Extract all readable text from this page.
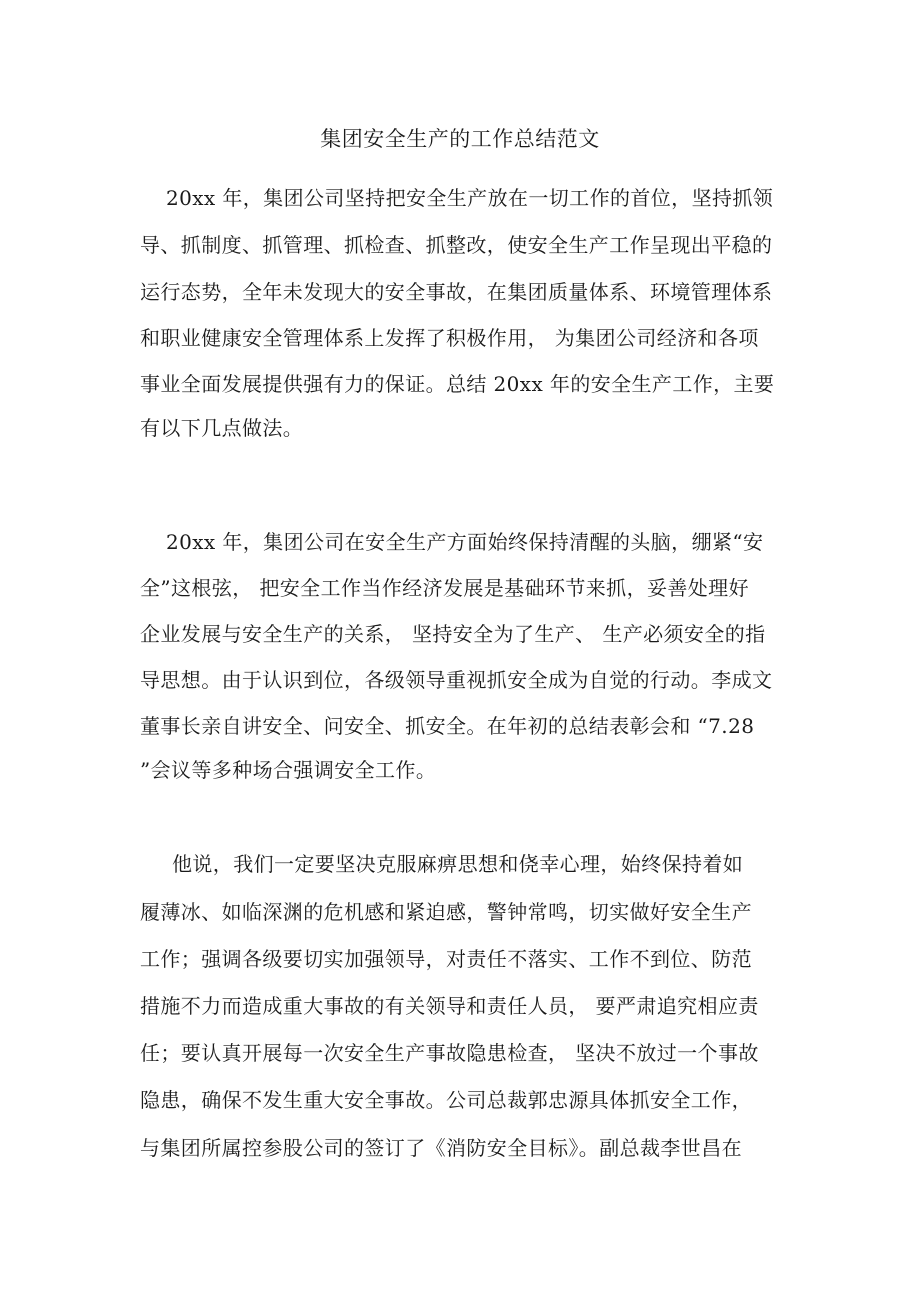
集团安全生产的工作总结范文
20xx 年，集团公司坚持把安全生产放在一切工作的首位，坚持抓领
导、抓制度、抓管理、抓检查、抓整改，使安全生产工作呈现出平稳的
运行态势，全年未发现大的安全事故，在集团质量体系、环境管理体系
和职业健康安全管理体系上发挥了积极作用， 为集团公司经济和各项
事业全面发展提供强有力的保证。总结 20xx 年的安全生产工作，主要
有以下几点做法。
20xx 年，集团公司在安全生产方面始终保持清醒的头脑，绷紧“安
全”这根弦， 把安全工作当作经济发展是基础环节来抓，妥善处理好
企业发展与安全生产的关系， 坚持安全为了生产、 生产必须安全的指
导思想。由于认识到位，各级领导重视抓安全成为自觉的行动。李成文
董事长亲自讲安全、问安全、抓安全。在年初的总结表彰会和 “7.28
”会议等多种场合强调安全工作。
他说，我们一定要坚决克服麻痹思想和侥幸心理，始终保持着如
履薄冰、如临深渊的危机感和紧迫感，警钟常鸣，切实做好安全生产
工作；强调各级要切实加强领导，对责任不落实、工作不到位、防范
措施不力而造成重大事故的有关领导和责任人员， 要严肃追究相应责
任；要认真开展每一次安全生产事故隐患检查， 坚决不放过一个事故
隐患，确保不发生重大安全事故。公司总裁郭忠源具体抓安全工作，
与集团所属控参股公司的签订了《消防安全目标》。副总裁李世昌在
